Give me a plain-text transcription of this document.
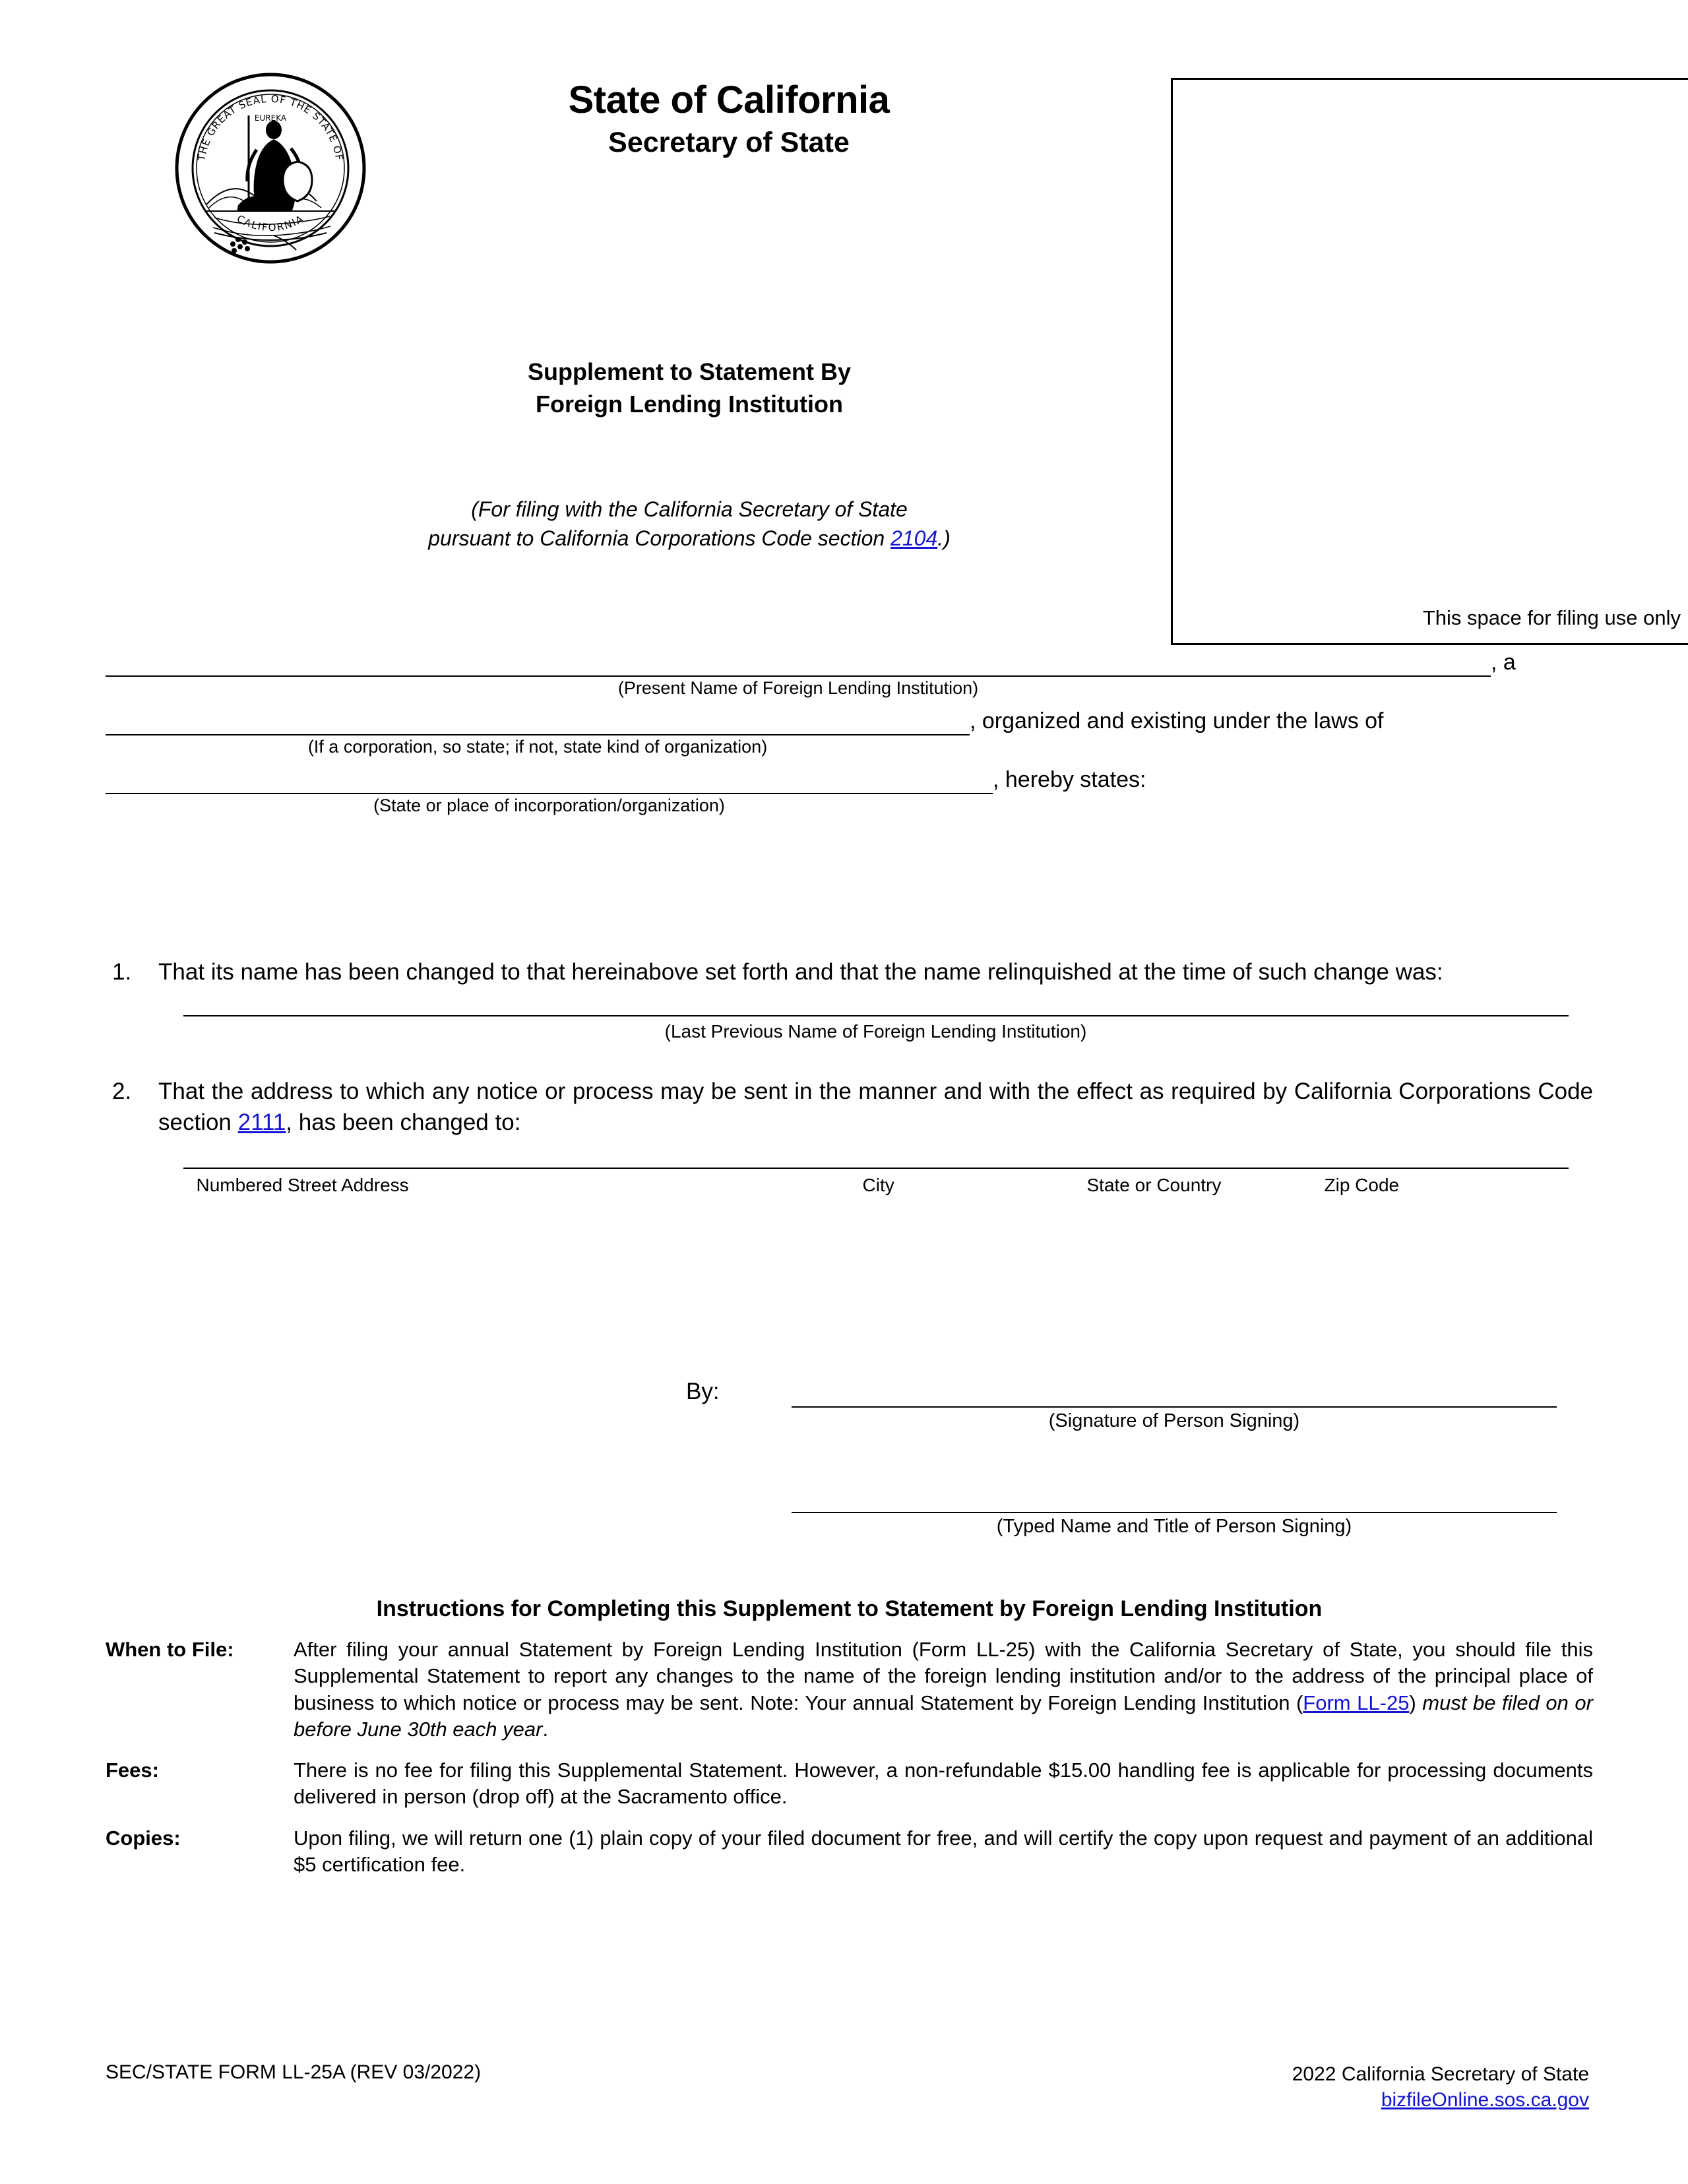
THE GREAT SEAL OF THE STATE OF
CALIFORNIA
EUREKA	State of California
Secretary of State
Supplement to Statement By
Foreign Lending Institution
(For filing with the California Secretary of State
pursuant to California Corporations Code section 2104.)
This space for filing use only
, a
(Present Name of Foreign Lending Institution)
, organized and existing under the laws of
(If a corporation, so state; if not, state kind of organization)
, hereby states:
(State or place of incorporation/organization)
1. That its name has been changed to that hereinabove set forth and that the name relinquished at the time of such change was:
(Last Previous Name of Foreign Lending Institution)
2. That the address to which any notice or process may be sent in the manner and with the effect as required by California Corporations Code section 2111, has been changed to:
Numbered Street Address	City	State or Country	Zip Code
By:
(Signature of Person Signing)
(Typed Name and Title of Person Signing)
Instructions for Completing this Supplement to Statement by Foreign Lending Institution
When to File:	After filing your annual Statement by Foreign Lending Institution (Form LL-25) with the California Secretary of State, you should file this Supplemental Statement to report any changes to the name of the foreign lending institution and/or to the address of the principal place of business to which notice or process may be sent. Note: Your annual Statement by Foreign Lending Institution (Form LL-25) must be filed on or before June 30th each year.
Fees:	There is no fee for filing this Supplemental Statement. However, a non-refundable $15.00 handling fee is applicable for processing documents delivered in person (drop off) at the Sacramento office.
Copies:	Upon filing, we will return one (1) plain copy of your filed document for free, and will certify the copy upon request and payment of an additional $5 certification fee.
SEC/STATE FORM LL-25A (REV 03/2022)	2022 California Secretary of State
bizfileOnline.sos.ca.gov
